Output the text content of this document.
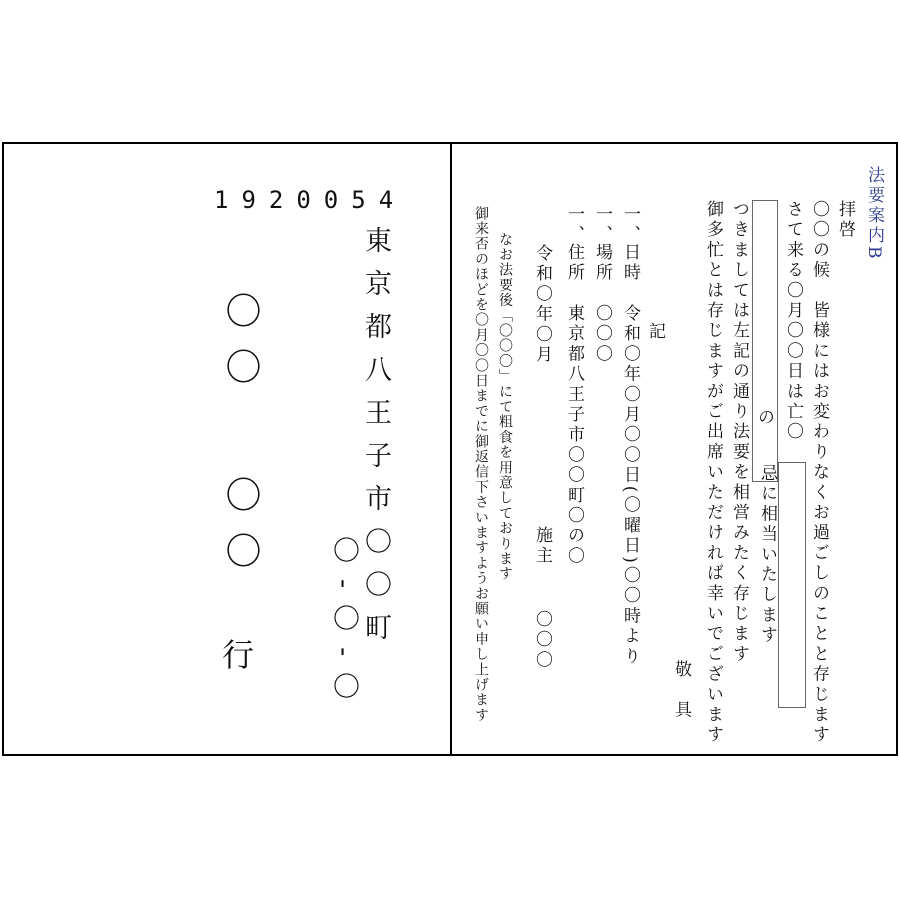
1920054
東京都八王子市〇〇町
〇‐〇‐〇
〇〇
〇〇
行
法要案内B
拝啓
〇〇の候　皆様にはお変わりなくお過ごしのことと存じます
さて来る〇月〇〇日は
亡〇
忌に相当いたします
の
つきましては左記の通り法要を相営みたく存じます
御多忙とは存じますがご出席いただければ幸いでございます
敬　具
記
一、
日時
令和〇年〇月〇〇日(〇曜日)〇〇時より
一、
場所
〇〇〇
一、
住所
東京都八王子市〇〇町〇の〇
令和〇年〇月
施主
〇〇〇
なお法要後「〇〇〇」にて粗食を用意しております
御来否のほどを〇月〇〇日までに御返信下さいますようお願い申し上げます
